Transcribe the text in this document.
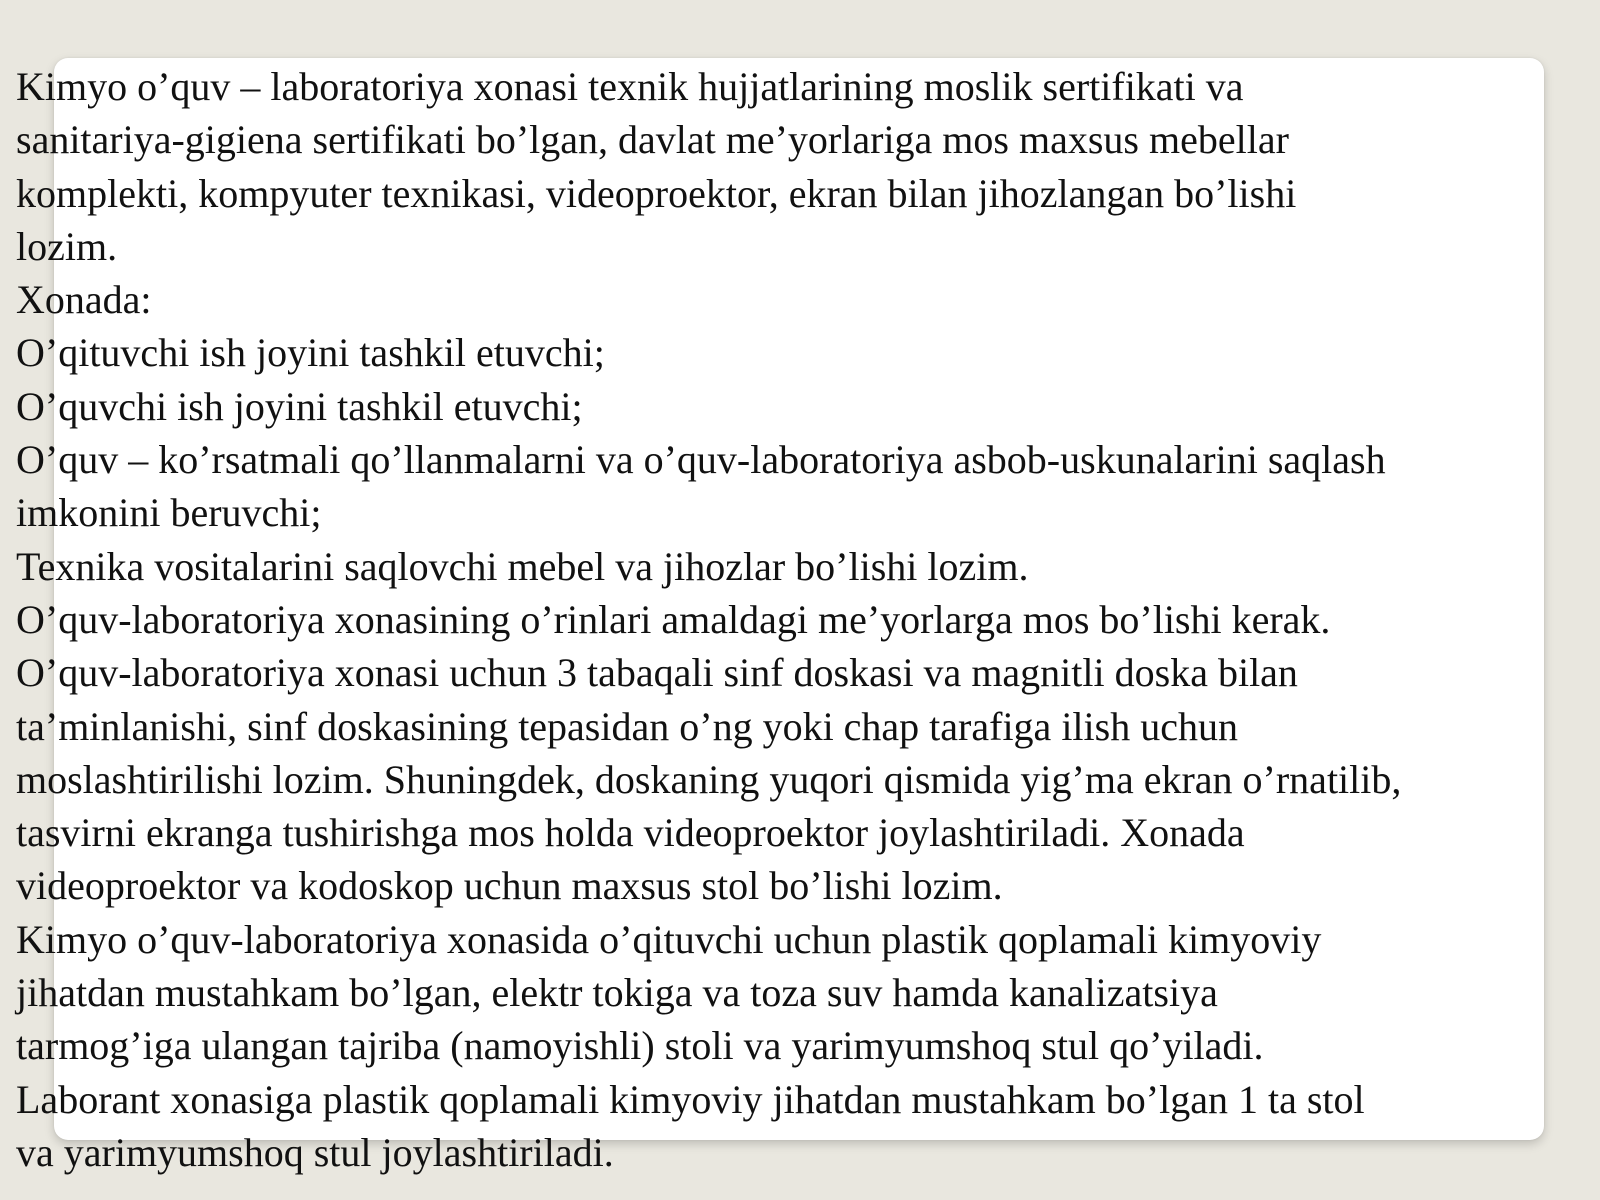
Kimyo o’quv – laboratoriya xonasi texnik hujjatlarining moslik sertifikati va
sanitariya-gigiena sertifikati bo’lgan, davlat me’yorlariga mos maxsus mebellar
komplekti, kompyuter texnikasi, videoproektor, ekran bilan jihozlangan bo’lishi
lozim.
Xonada:
O’qituvchi ish joyini tashkil etuvchi;
O’quvchi ish joyini tashkil etuvchi;
O’quv – ko’rsatmali qo’llanmalarni va o’quv-laboratoriya asbob-uskunalarini saqlash
imkonini beruvchi;
Texnika vositalarini saqlovchi mebel va jihozlar bo’lishi lozim.
O’quv-laboratoriya xonasining o’rinlari amaldagi me’yorlarga mos bo’lishi kerak.
O’quv-laboratoriya xonasi uchun 3 tabaqali sinf doskasi va magnitli doska bilan
ta’minlanishi, sinf doskasining tepasidan o’ng yoki chap tarafiga ilish uchun
moslashtirilishi lozim. Shuningdek, doskaning yuqori qismida yig’ma ekran o’rnatilib,
tasvirni ekranga tushirishga mos holda videoproektor joylashtiriladi. Xonada
videoproektor va kodoskop uchun maxsus stol bo’lishi lozim.
Kimyo o’quv-laboratoriya xonasida o’qituvchi uchun plastik qoplamali kimyoviy
jihatdan mustahkam bo’lgan, elektr tokiga va toza suv hamda kanalizatsiya
tarmog’iga ulangan tajriba (namoyishli) stoli va yarimyumshoq stul qo’yiladi.
Laborant xonasiga plastik qoplamali kimyoviy jihatdan mustahkam bo’lgan 1 ta stol
va yarimyumshoq stul joylashtiriladi.
